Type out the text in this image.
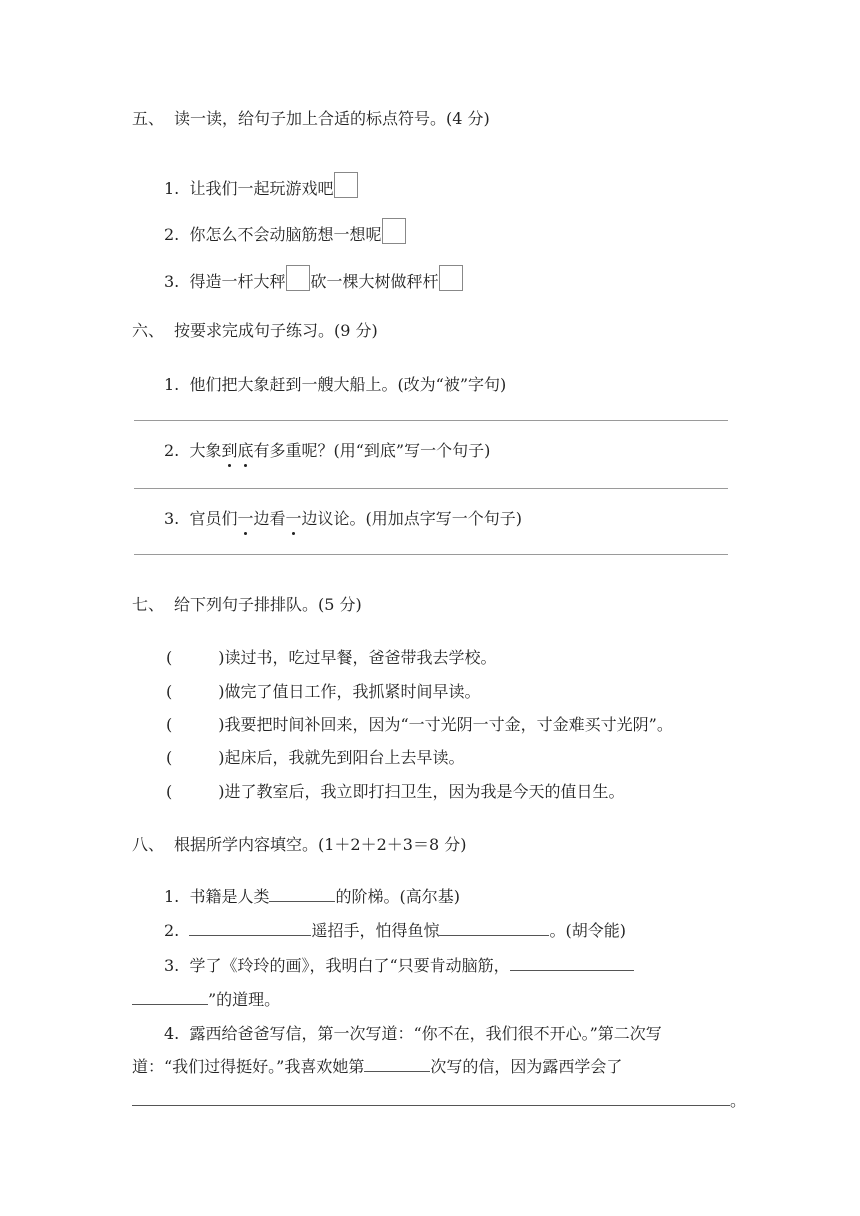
五、 读一读，给句子加上合适的标点符号。(4 分)
1. 让我们一起玩游戏吧
2. 你怎么不会动脑筋想一想呢
3. 得造一杆大秤 砍一棵大树做秤杆
六、 按要求完成句子练习。(9 分)
1. 他们把大象赶到一艘大船上。(改为“被”字句)
2. 大象到底有多重呢？(用“到底”写一个句子)
3. 官员们一边看一边议论。(用加点字写一个句子)
七、 给下列句子排排队。(5 分)
(	)读过书，吃过早餐，爸爸带我去学校。
(	)做完了值日工作，我抓紧时间早读。
(	)我要把时间补回来，因为“一寸光阴一寸金，寸金难买寸光阴”。
(	)起床后，我就先到阳台上去早读。
(	)进了教室后，我立即打扫卫生，因为我是今天的值日生。
八、 根据所学内容填空。(1＋2＋2＋3＝8 分)
1. 书籍是人类	的阶梯。(高尔基)
2.	遥招手，怕得鱼惊	。(胡令能)
3. 学了《玲玲的画》，我明白了“只要肯动脑筋，
”的道理。
4. 露西给爸爸写信，第一次写道：“你不在，我们很不开心。”第二次写
道：“我们过得挺好。”我喜欢她第	次写的信，因为露西学会了
。
